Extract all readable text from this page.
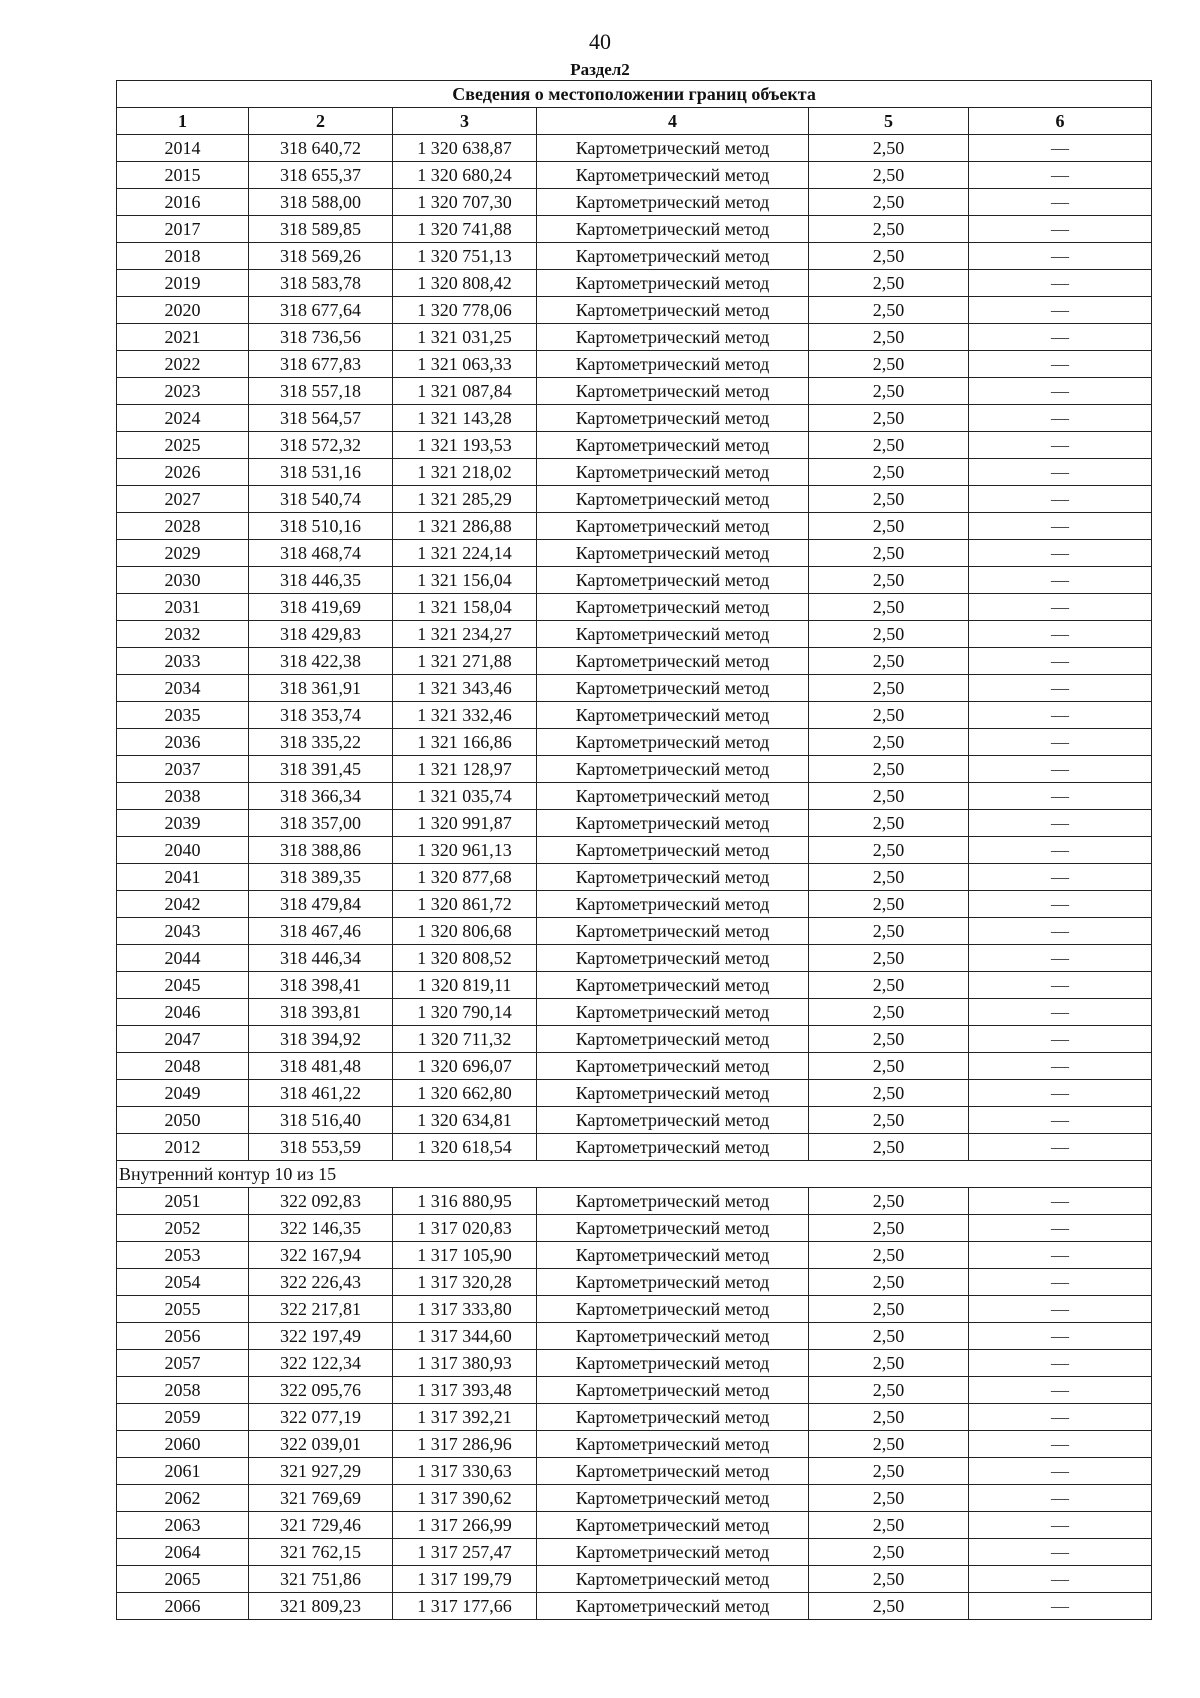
40
Раздел2
Сведения о местоположении границ объекта					
1	2	3	4	5	6
2014	318 640,72	1 320 638,87	Картометрический метод	2,50	—
2015	318 655,37	1 320 680,24	Картометрический метод	2,50	—
2016	318 588,00	1 320 707,30	Картометрический метод	2,50	—
2017	318 589,85	1 320 741,88	Картометрический метод	2,50	—
2018	318 569,26	1 320 751,13	Картометрический метод	2,50	—
2019	318 583,78	1 320 808,42	Картометрический метод	2,50	—
2020	318 677,64	1 320 778,06	Картометрический метод	2,50	—
2021	318 736,56	1 321 031,25	Картометрический метод	2,50	—
2022	318 677,83	1 321 063,33	Картометрический метод	2,50	—
2023	318 557,18	1 321 087,84	Картометрический метод	2,50	—
2024	318 564,57	1 321 143,28	Картометрический метод	2,50	—
2025	318 572,32	1 321 193,53	Картометрический метод	2,50	—
2026	318 531,16	1 321 218,02	Картометрический метод	2,50	—
2027	318 540,74	1 321 285,29	Картометрический метод	2,50	—
2028	318 510,16	1 321 286,88	Картометрический метод	2,50	—
2029	318 468,74	1 321 224,14	Картометрический метод	2,50	—
2030	318 446,35	1 321 156,04	Картометрический метод	2,50	—
2031	318 419,69	1 321 158,04	Картометрический метод	2,50	—
2032	318 429,83	1 321 234,27	Картометрический метод	2,50	—
2033	318 422,38	1 321 271,88	Картометрический метод	2,50	—
2034	318 361,91	1 321 343,46	Картометрический метод	2,50	—
2035	318 353,74	1 321 332,46	Картометрический метод	2,50	—
2036	318 335,22	1 321 166,86	Картометрический метод	2,50	—
2037	318 391,45	1 321 128,97	Картометрический метод	2,50	—
2038	318 366,34	1 321 035,74	Картометрический метод	2,50	—
2039	318 357,00	1 320 991,87	Картометрический метод	2,50	—
2040	318 388,86	1 320 961,13	Картометрический метод	2,50	—
2041	318 389,35	1 320 877,68	Картометрический метод	2,50	—
2042	318 479,84	1 320 861,72	Картометрический метод	2,50	—
2043	318 467,46	1 320 806,68	Картометрический метод	2,50	—
2044	318 446,34	1 320 808,52	Картометрический метод	2,50	—
2045	318 398,41	1 320 819,11	Картометрический метод	2,50	—
2046	318 393,81	1 320 790,14	Картометрический метод	2,50	—
2047	318 394,92	1 320 711,32	Картометрический метод	2,50	—
2048	318 481,48	1 320 696,07	Картометрический метод	2,50	—
2049	318 461,22	1 320 662,80	Картометрический метод	2,50	—
2050	318 516,40	1 320 634,81	Картометрический метод	2,50	—
2012	318 553,59	1 320 618,54	Картометрический метод	2,50	—
Внутренний контур 10 из 15					
2051	322 092,83	1 316 880,95	Картометрический метод	2,50	—
2052	322 146,35	1 317 020,83	Картометрический метод	2,50	—
2053	322 167,94	1 317 105,90	Картометрический метод	2,50	—
2054	322 226,43	1 317 320,28	Картометрический метод	2,50	—
2055	322 217,81	1 317 333,80	Картометрический метод	2,50	—
2056	322 197,49	1 317 344,60	Картометрический метод	2,50	—
2057	322 122,34	1 317 380,93	Картометрический метод	2,50	—
2058	322 095,76	1 317 393,48	Картометрический метод	2,50	—
2059	322 077,19	1 317 392,21	Картометрический метод	2,50	—
2060	322 039,01	1 317 286,96	Картометрический метод	2,50	—
2061	321 927,29	1 317 330,63	Картометрический метод	2,50	—
2062	321 769,69	1 317 390,62	Картометрический метод	2,50	—
2063	321 729,46	1 317 266,99	Картометрический метод	2,50	—
2064	321 762,15	1 317 257,47	Картометрический метод	2,50	—
2065	321 751,86	1 317 199,79	Картометрический метод	2,50	—
2066	321 809,23	1 317 177,66	Картометрический метод	2,50	—
